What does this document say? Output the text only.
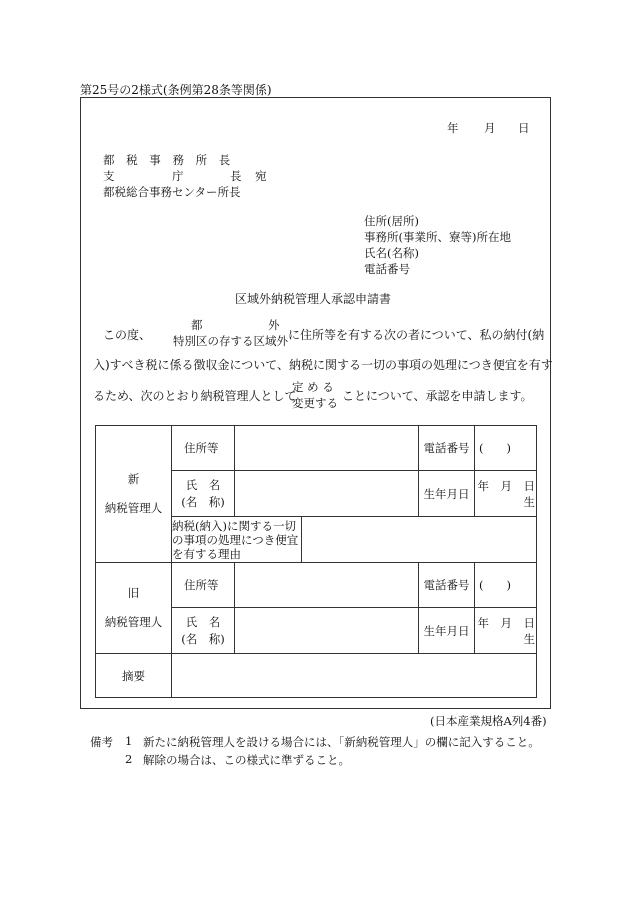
第25号の2様式(条例第28条等関係)
年 月 日
都 税 事 務 所 長
支	庁	長 宛
都税総合事務センター所長
住所(居所)
事務所(事業所、寮等)所在地
氏名(名称)
電話番号
区域外納税管理人承認申請書
この度、
都	外
特別区の存する区域外 に住所等を有する次の者について、私の納付(納
入)すべき税に係る徴収金について、納税に関する一切の事項の処理につき便宜を有す
るため、次のとおり納税管理人として
定 め る
変更する ことについて、承認を申請します。
新
納税管理人	住所等			電話番号	(　　)

	氏　名
(名　称)			生年月日	年　月　日生

	納税(納入)に関する一切
の事項の処理につき便宜
を有する理由				

旧
納税管理人	住所等			電話番号	(　　)

	氏　名
(名　称)			生年月日	年　月　日生
摘要					
(日本産業規格A列4番)
備考 1 新たに納税管理人を設ける場合には、「新納税管理人」の欄に記入すること。
2 解除の場合は、この様式に準ずること。
